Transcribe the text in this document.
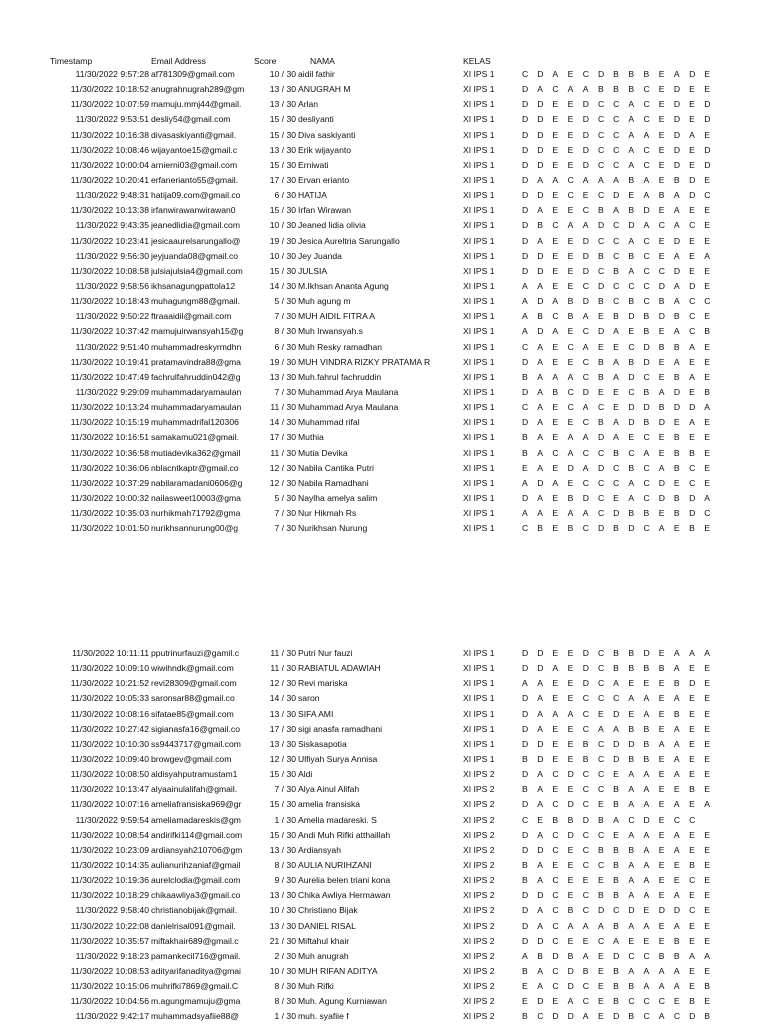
Timestamp	Email Address	Score	NAMA	KELAS
11/30/2022 9:57:28 af781309@gmail.com	10 / 30 aidil fathir	XI IPS 1	C D A E C D B B B E A D E
11/30/2022 10:18:52 anugrahnugrah289@gm	13 / 30 ANUGRAH M	XI IPS 1	D A C A A B B B C E D E E
11/30/2022 10:07:59 mamuju.mmj44@gmail.	13 / 30 Arlan	XI IPS 1	D D E E D C C A C E D E D
11/30/2022 9:53:51 desliy54@gmail.com	15 / 30 desliyanti	XI IPS 1	D D E E D C C A C E D E D
11/30/2022 10:16:38 divasaskiyanti@gmail.	15 / 30 Diva saskiyanti	XI IPS 1	D D E E D C C A A E D A E
11/30/2022 10:08:46 wijayantoe15@gmail.c	13 / 30 Erik wijayanto	XI IPS 1	D D E E D C C A C E D E D
11/30/2022 10:00:04 arnierni03@gmail.com	15 / 30 Erniwati	XI IPS 1	D D E E D C C A C E D E D
11/30/2022 10:20:41 erfanerianto55@gmail.	17 / 30 Ervan erianto	XI IPS 1	D A A C A A A B A E B D E
11/30/2022 9:48:31 hatija09.com@gmail.co	6 / 30 HATIJA	XI IPS 1	D D E C E C D E A B A D C
11/30/2022 10:13:38 irfanwirawanwirawan0	15 / 30 Irfan Wirawan	XI IPS 1	D A E E C B A B D E A E E
11/30/2022 9:43:35 jeanedlidia@gmail.com	10 / 30 Jeaned lidia olivia	XI IPS 1	D B C A A D C D A C A C E
11/30/2022 10:23:41 jesicaaurelsarungallo@	19 / 30 Jesica Aureltria Sarungallo	XI IPS 1	D A E E D C C A C E D E E
11/30/2022 9:56:30 jeyjuanda08@gmail.co	10 / 30 Jey Juanda	XI IPS 1	D D E E D B C B C E A E A
11/30/2022 10:08:58 julsiajulsia4@gmail.com	15 / 30 JULSIA	XI IPS 1	D D E E D C B A C C D E E
11/30/2022 9:58:56 ikhsanagungpattola12	14 / 30 M.Ikhsan Ananta Agung	XI IPS 1	A A E E C D C C C D A D E
11/30/2022 10:18:43 muhagungm88@gmail.	5 / 30 Muh agung m	XI IPS 1	A D A B D B C B C B A C C
11/30/2022 9:50:22 ftraaaidil@gmail.com	7 / 30 MUH AIDIL FITRA A	XI IPS 1	A B C B A E B D B D B C E
11/30/2022 10:37:42 mamujuirwansyah15@g	8 / 30 Muh Irwansyah.s	XI IPS 1	A D A E C D A E B E A C B
11/30/2022 9:51:40 muhammadreskyrmdhn	6 / 30 Muh Resky ramadhan	XI IPS 1	C A E C A E E C D B B A E
11/30/2022 10:19:41 pratamavindra88@gma	19 / 30 MUH VINDRA RIZKY PRATAMA R	XI IPS 1	D A E E C B A B D E A E E
11/30/2022 10:47:49 fachrulfahruddin042@g	13 / 30 Muh.fahrul fachruddin	XI IPS 1	B A A A C B A D C E B A E
11/30/2022 9:29:09 muhammadaryamaulan	7 / 30 Muhammad Arya Maulana	XI IPS 1	D A B C D E E C B A D E B
11/30/2022 10:13:24 muhammadaryamaulan	11 / 30 Muhammad Arya Maulana	XI IPS 1	C A E C A C E D D B D D A
11/30/2022 10:15:19 muhammadrifal120306	14 / 30 Muhammad rifal	XI IPS 1	D A E E C B A D B D E A E
11/30/2022 10:16:51 samakamu021@gmail.	17 / 30 Muthia	XI IPS 1	B A E A A D A E C E B E E
11/30/2022 10:36:58 mutiadevika362@gmail	11 / 30 Mutia Devika	XI IPS 1	B A C A C C B C A E B B E
11/30/2022 10:36:06 nblacntkaptr@gmail.co	12 / 30 Nabila Cantika Putri	XI IPS 1	E A E D A D C B C A B C E
11/30/2022 10:37:29 nabilaramadani0606@g	12 / 30 Nabila Ramadhani	XI IPS 1	A D A E C C C A C D E C E
11/30/2022 10:00:32 nailasweet10003@gma	5 / 30 Naylha amelya salim	XI IPS 1	D A E B D C E A C D B D A
11/30/2022 10:35:03 nurhikmah71792@gma	7 / 30 Nur Hikmah Rs	XI IPS 1	A A E A A C D B B E B D C
11/30/2022 10:01:50 nurikhsannurung00@g	7 / 30 Nurikhsan Nurung	XI IPS 1	C B E B C D B D C A E B E
11/30/2022 10:11:11 pputrinurfauzi@gamil.c	11 / 30 Putri Nur fauzi	XI IPS 1	D D E E D C B B D E A A A
11/30/2022 10:09:10 wiwihndk@gmail.com	11 / 30 RABIATUL ADAWIAH	XI IPS 1	D D A E D C B B B B A E E
11/30/2022 10:21:52 revi28309@gmail.com	12 / 30 Revi mariska	XI IPS 1	A A E E D C A E E E B D E
11/30/2022 10:05:33 saronsar88@gmail.co	14 / 30 saron	XI IPS 1	D A E E C C C A A E A E E
11/30/2022 10:08:16 sifatae85@gmail.com	13 / 30 SIFA AMI	XI IPS 1	D A A A C E D E A E B E E
11/30/2022 10:27:42 sigianasfa16@gmail.co	17 / 30 sigi anasfa ramadhani	XI IPS 1	D A E E C A A B B E A E E
11/30/2022 10:10:30 ss9443717@gmail.com	13 / 30 Siskasapotia	XI IPS 1	D D E E B C D D B A A E E
11/30/2022 10:09:40 browgev@gmail.com	12 / 30 Ulfiyah Surya Annisa	XI IPS 1	B D E E B C D B B E A E E
11/30/2022 10:08:50 aldisyahputramustam1	15 / 30 Aldi	XI IPS 2	D A C D C C E A A E A E E
11/30/2022 10:13:47 alyaainulalifah@gmail.	7 / 30 Alya Ainul Alifah	XI IPS 2	B A E E C C B A A E E B E
11/30/2022 10:07:16 ameliafransiska969@gr	15 / 30 amelia fransiska	XI IPS 2	D A C D C E B A A E A E A
11/30/2022 9:59:54 ameliamadareskis@gm	1 / 30 Amelia madareski. S	XI IPS 2	C E B B D B A C D E C C
11/30/2022 10:08:54 andirifki114@gmail.com	15 / 30 Andi Muh Rifki atthaillah	XI IPS 2	D A C D C C E A A E A E E
11/30/2022 10:23:09 ardiansyah210706@gm	13 / 30 Ardiansyah	XI IPS 2	D D C E C B B B A E A E E
11/30/2022 10:14:35 aulianurihzaniaf@gmail	8 / 30 AULIA NURIHZANI	XI IPS 2	B A E E C C B A A E E B E
11/30/2022 10:19:36 aurelclodia@gmail.com	9 / 30 Aurelia belen triani kona	XI IPS 2	B A C E E E B A A E E C E
11/30/2022 10:18:29 chikaawliya3@gmail.co	13 / 30 Chika Awliya Hermawan	XI IPS 2	D D C E C B B A A E A E E
11/30/2022 9:58:40 christianobijak@gmail.	10 / 30 Christiano Bijak	XI IPS 2	D A C B C D C D E D D C E
11/30/2022 10:22:08 danielrisal091@gmail.	13 / 30 DANIEL RISAL	XI IPS 2	D A C A A A B A A E A E E
11/30/2022 10:35:57 miftakhair689@gmail.c	21 / 30 Miftahul khair	XI IPS 2	D D C E E C A E E E B E E
11/30/2022 9:18:23 pamankecil716@gmail.	2 / 30 Muh anugrah	XI IPS 2	A B D B A E D C C B B A A
11/30/2022 10:08:53 adityarifanaditya@gmai	10 / 30 MUH RIFAN ADITYA	XI IPS 2	B A C D B E B A A A A E E
11/30/2022 10:15:06 muhrifki7869@gmail.C	8 / 30 Muh Rifki	XI IPS 2	E A C D C E B B A A A E B
11/30/2022 10:04:56 m.agungmamuju@gma	8 / 30 Muh. Agung Kurniawan	XI IPS 2	E D E A C E B C C C E B E
11/30/2022 9:42:17 muhammadsyafiie88@	1 / 30 muh. syafiie f	XI IPS 2	B C D D A E D B C A C D B
